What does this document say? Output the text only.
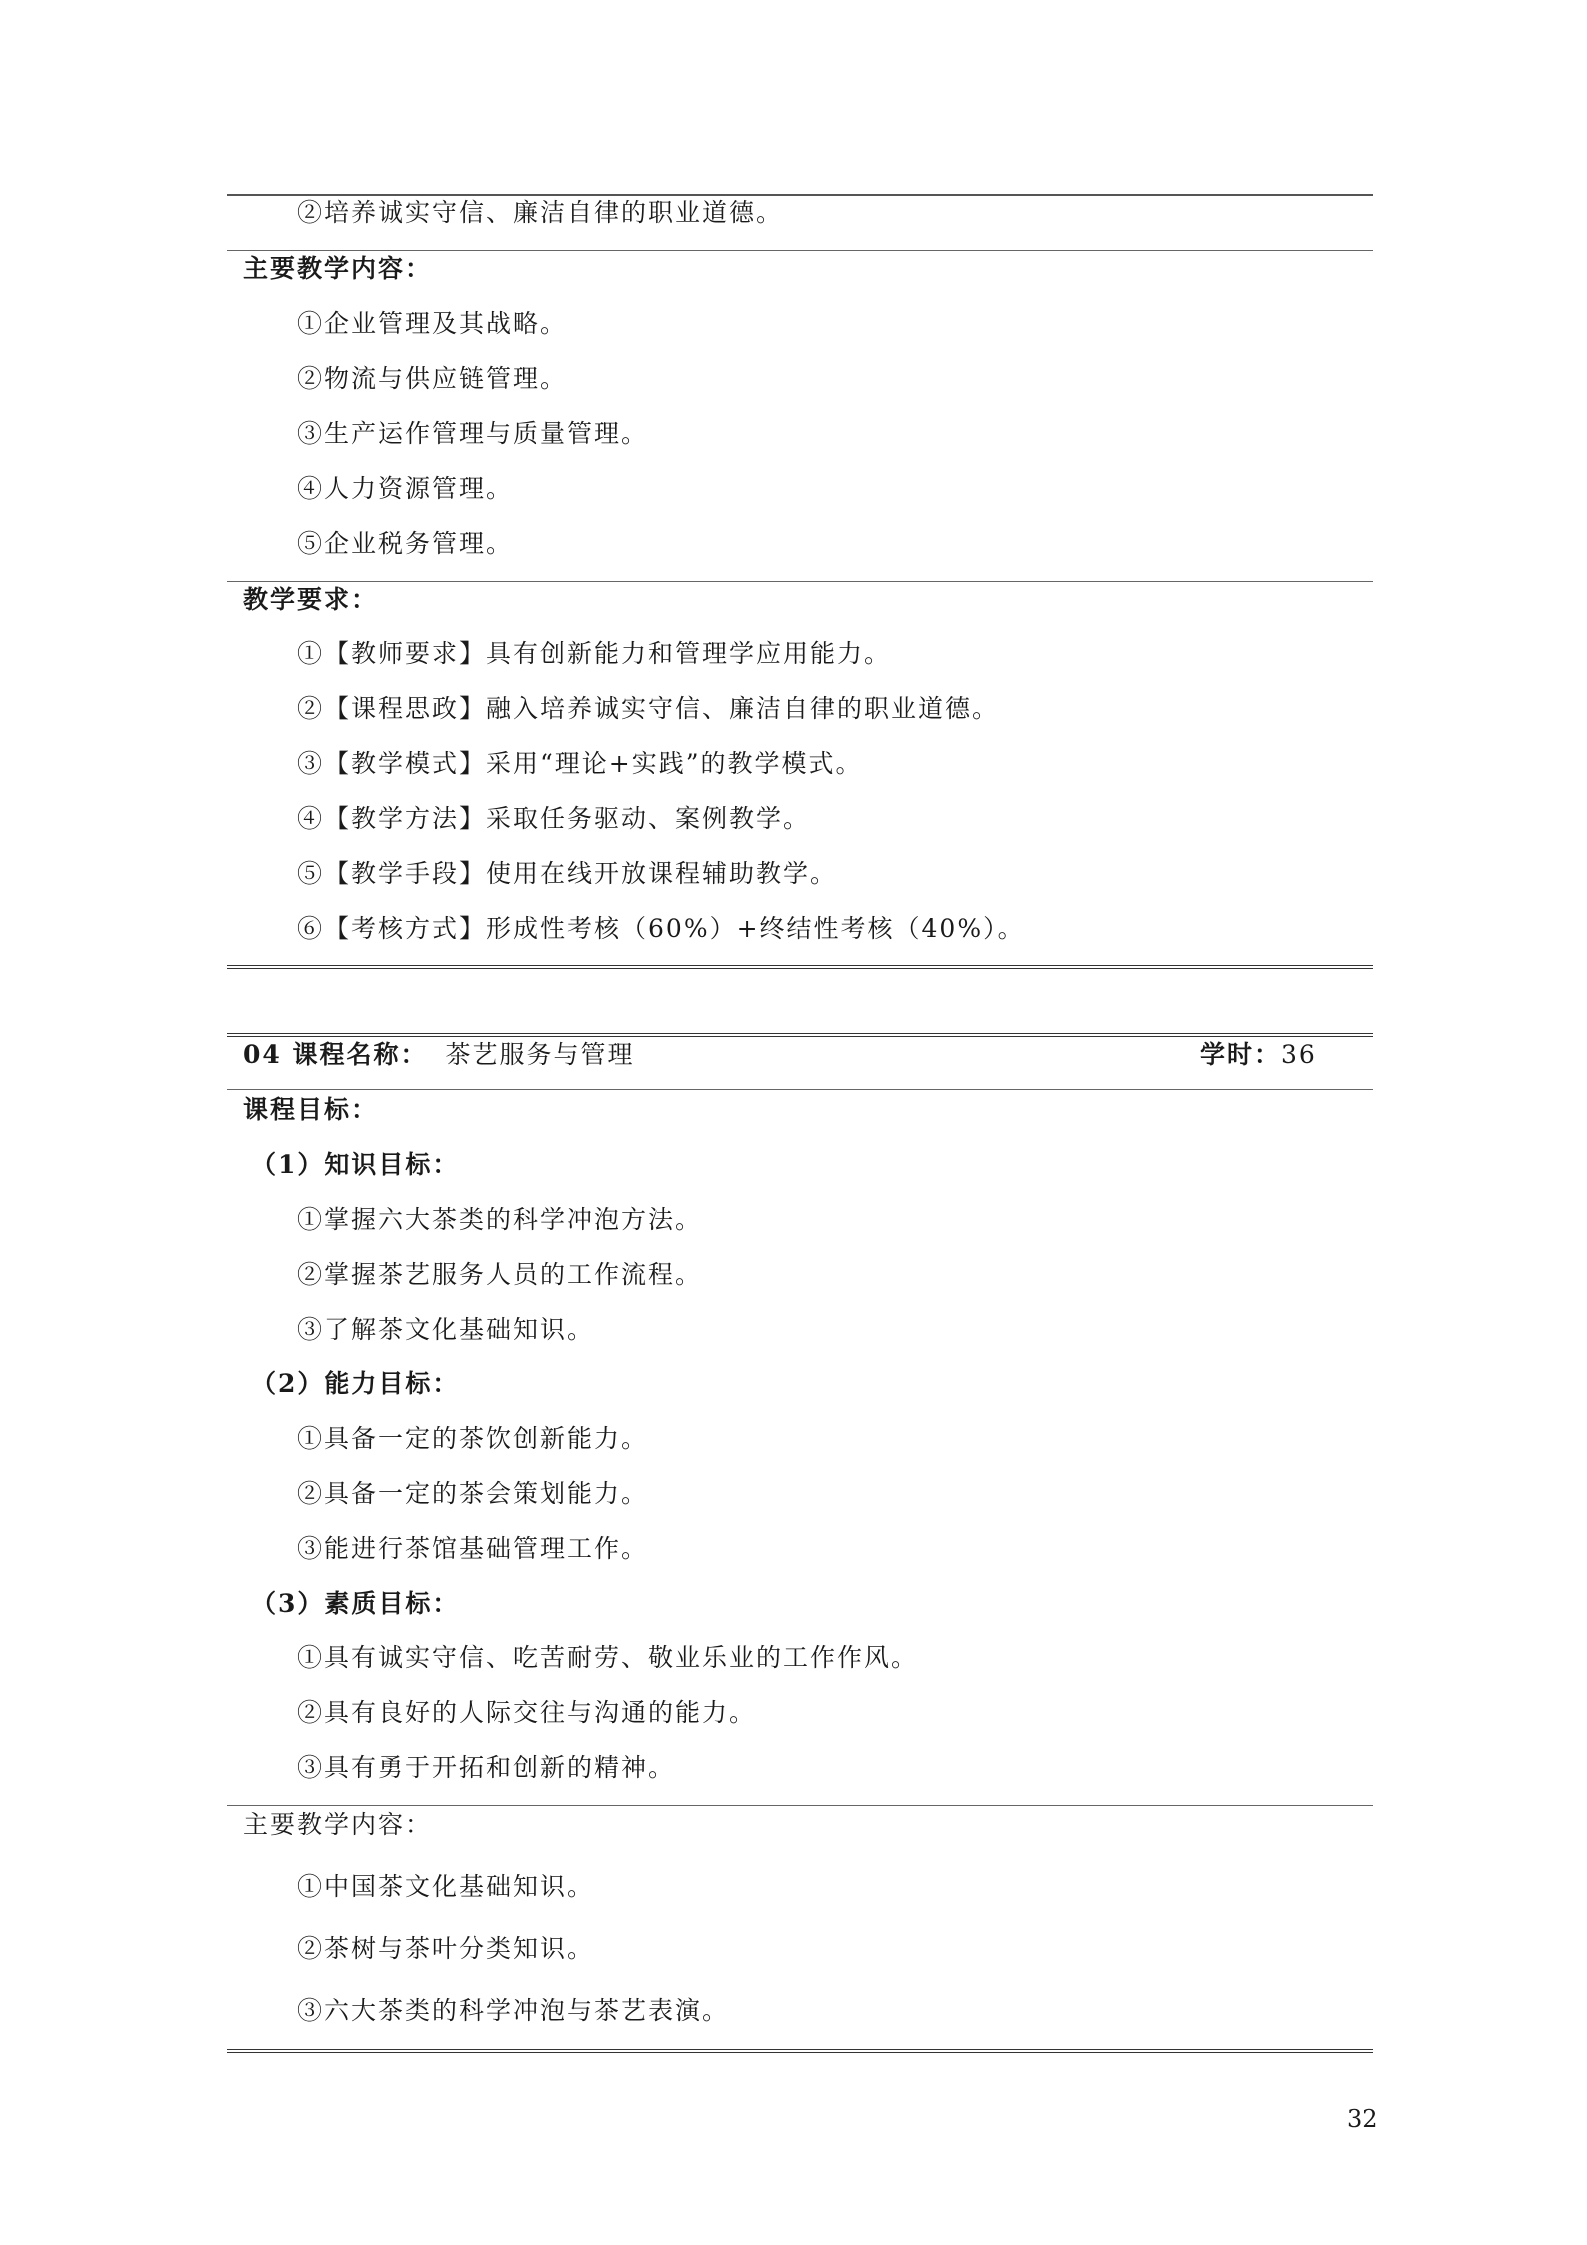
②培养诚实守信、廉洁自律的职业道德。
主要教学内容：
①企业管理及其战略。
②物流与供应链管理。
③生产运作管理与质量管理。
④人力资源管理。
⑤企业税务管理。
教学要求：
①【教师要求】具有创新能力和管理学应用能力。
②【课程思政】融入培养诚实守信、廉洁自律的职业道德。
③【教学模式】采用“理论+实践”的教学模式。
④【教学方法】采取任务驱动、案例教学。
⑤【教学手段】使用在线开放课程辅助教学。
⑥【考核方式】形成性考核（60%）+终结性考核（40%）。
04 课程名称： 茶艺服务与管理	学时：36
课程目标：
（1）知识目标：
①掌握六大茶类的科学冲泡方法。
②掌握茶艺服务人员的工作流程。
③了解茶文化基础知识。
（2）能力目标：
①具备一定的茶饮创新能力。
②具备一定的茶会策划能力。
③能进行茶馆基础管理工作。
（3）素质目标：
①具有诚实守信、吃苦耐劳、敬业乐业的工作作风。
②具有良好的人际交往与沟通的能力。
③具有勇于开拓和创新的精神。
主要教学内容：
①中国茶文化基础知识。
②茶树与茶叶分类知识。
③六大茶类的科学冲泡与茶艺表演。
32
